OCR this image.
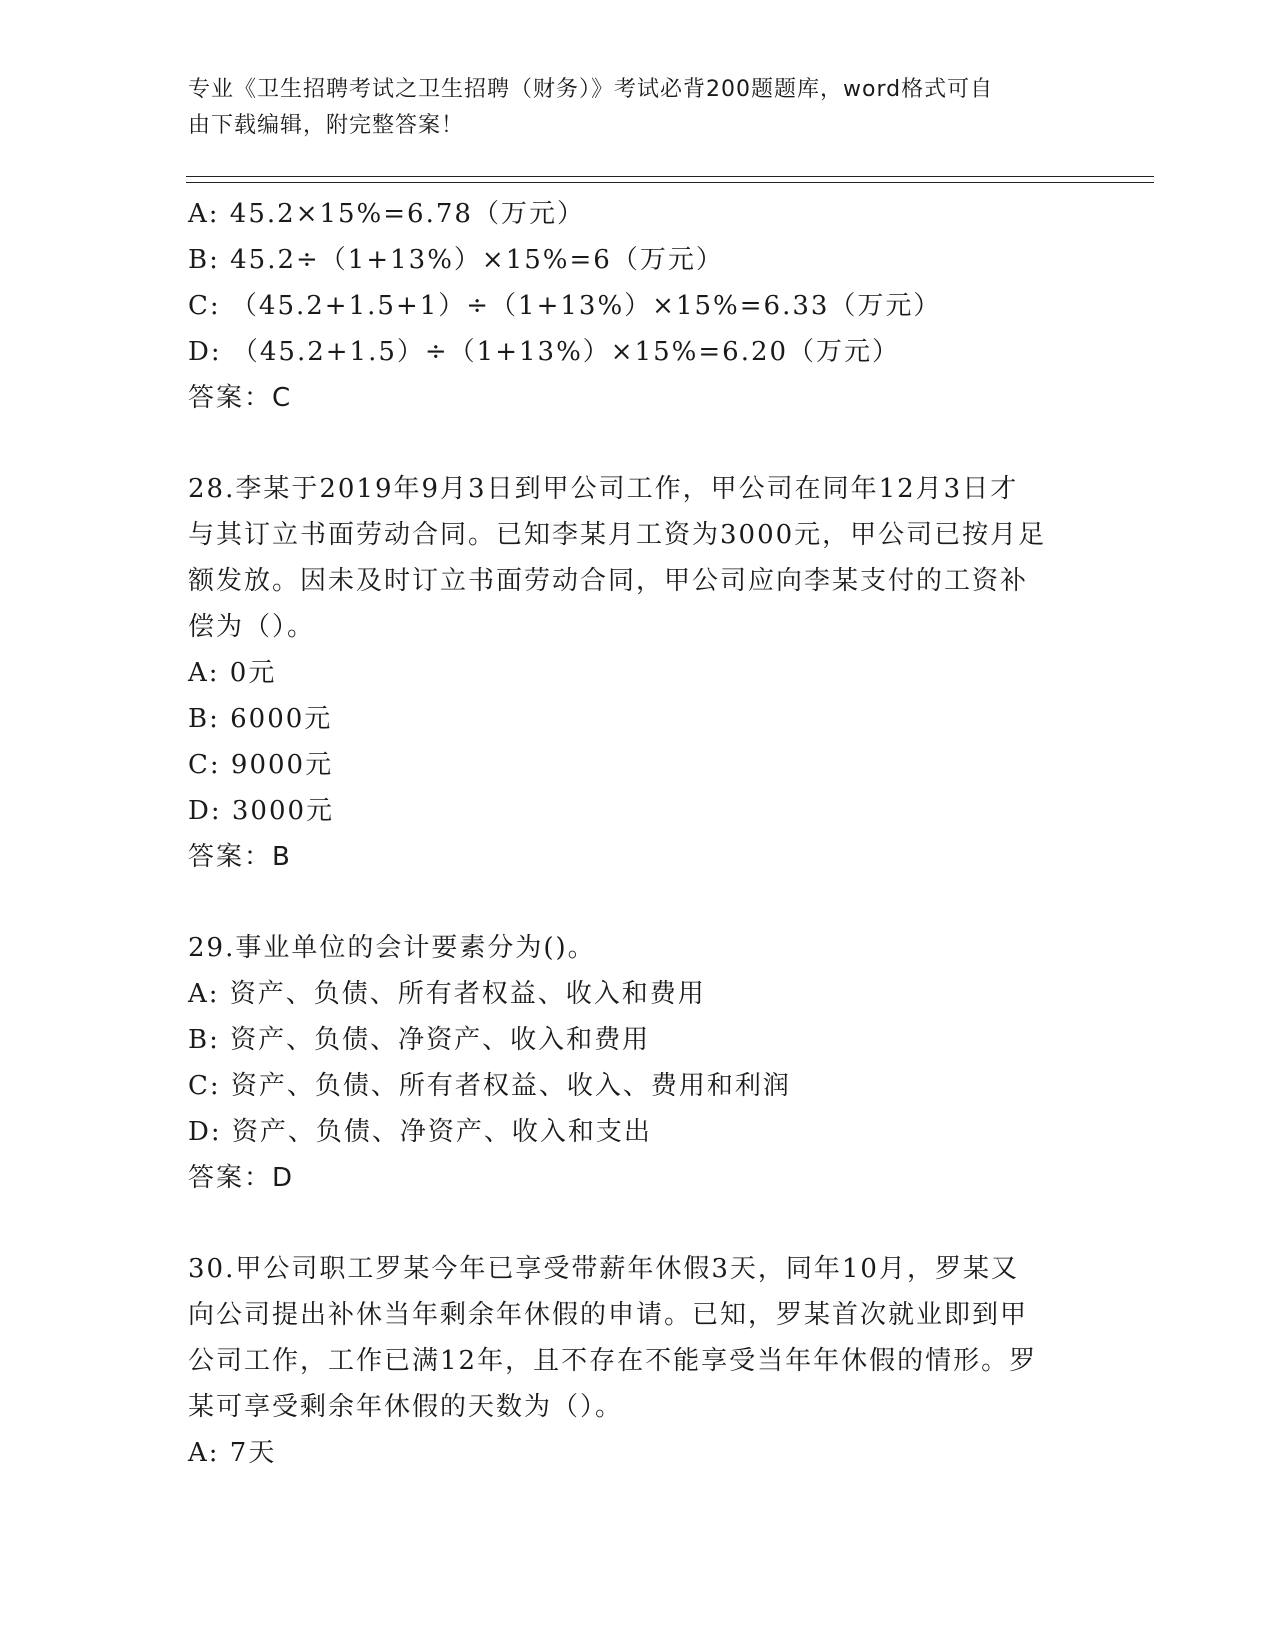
专业《卫生招聘考试之卫生招聘（财务）》考试必背200题题库，word格式可自
由下载编辑，附完整答案！
A: 45.2×15%=6.78（万元）
B: 45.2÷（1+13%）×15%=6（万元）
C: （45.2+1.5+1）÷（1+13%）×15%=6.33（万元）
D: （45.2+1.5）÷（1+13%）×15%=6.20（万元）
答案：C
28.李某于2019年9月3日到甲公司工作，甲公司在同年12月3日才
与其订立书面劳动合同。已知李某月工资为3000元，甲公司已按月足
额发放。因未及时订立书面劳动合同，甲公司应向李某支付的工资补
偿为（）。
A: 0元
B: 6000元
C: 9000元
D: 3000元
答案：B
29.事业单位的会计要素分为()。
A: 资产、负债、所有者权益、收入和费用
B: 资产、负债、净资产、收入和费用
C: 资产、负债、所有者权益、收入、费用和利润
D: 资产、负债、净资产、收入和支出
答案：D
30.甲公司职工罗某今年已享受带薪年休假3天，同年10月，罗某又
向公司提出补休当年剩余年休假的申请。已知，罗某首次就业即到甲
公司工作，工作已满12年，且不存在不能享受当年年休假的情形。罗
某可享受剩余年休假的天数为（）。
A: 7天
